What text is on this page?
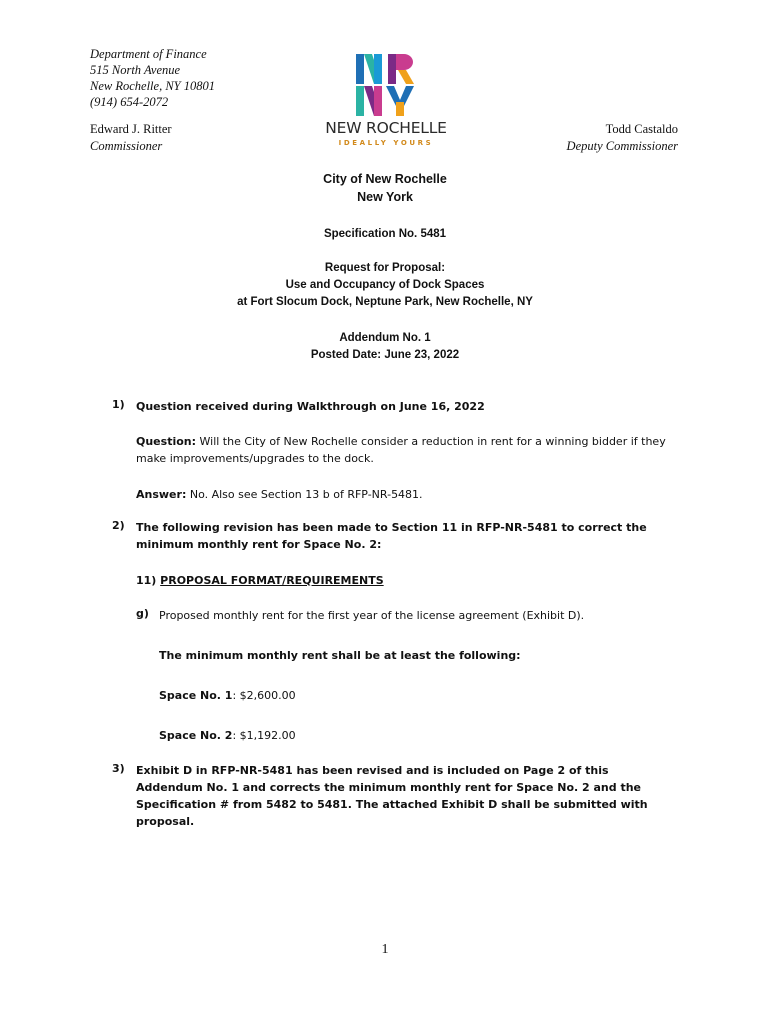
Department of Finance
515 North Avenue
New Rochelle, NY 10801
(914) 654-2072
Edward J. Ritter
Commissioner
Todd Castaldo
Deputy Commissioner
NEW ROCHELLE
IDEALLY YOURS
City of New Rochelle
New York
Specification No. 5481
Request for Proposal:
Use and Occupancy of Dock Spaces
at Fort Slocum Dock, Neptune Park, New Rochelle, NY
Addendum No. 1
Posted Date: June 23, 2022
1) Question received during Walkthrough on June 16, 2022
Question: Will the City of New Rochelle consider a reduction in rent for a winning bidder if they make improvements/upgrades to the dock.
Answer: No. Also see Section 13 b of RFP-NR-5481.
2) The following revision has been made to Section 11 in RFP-NR-5481 to correct the minimum monthly rent for Space No. 2:
11) PROPOSAL FORMAT/REQUIREMENTS
g) Proposed monthly rent for the first year of the license agreement (Exhibit D).
The minimum monthly rent shall be at least the following:
Space No. 1: $2,600.00
Space No. 2: $1,192.00
3) Exhibit D in RFP-NR-5481 has been revised and is included on Page 2 of this Addendum No. 1 and corrects the minimum monthly rent for Space No. 2 and the Specification # from 5482 to 5481. The attached Exhibit D shall be submitted with proposal.
1
